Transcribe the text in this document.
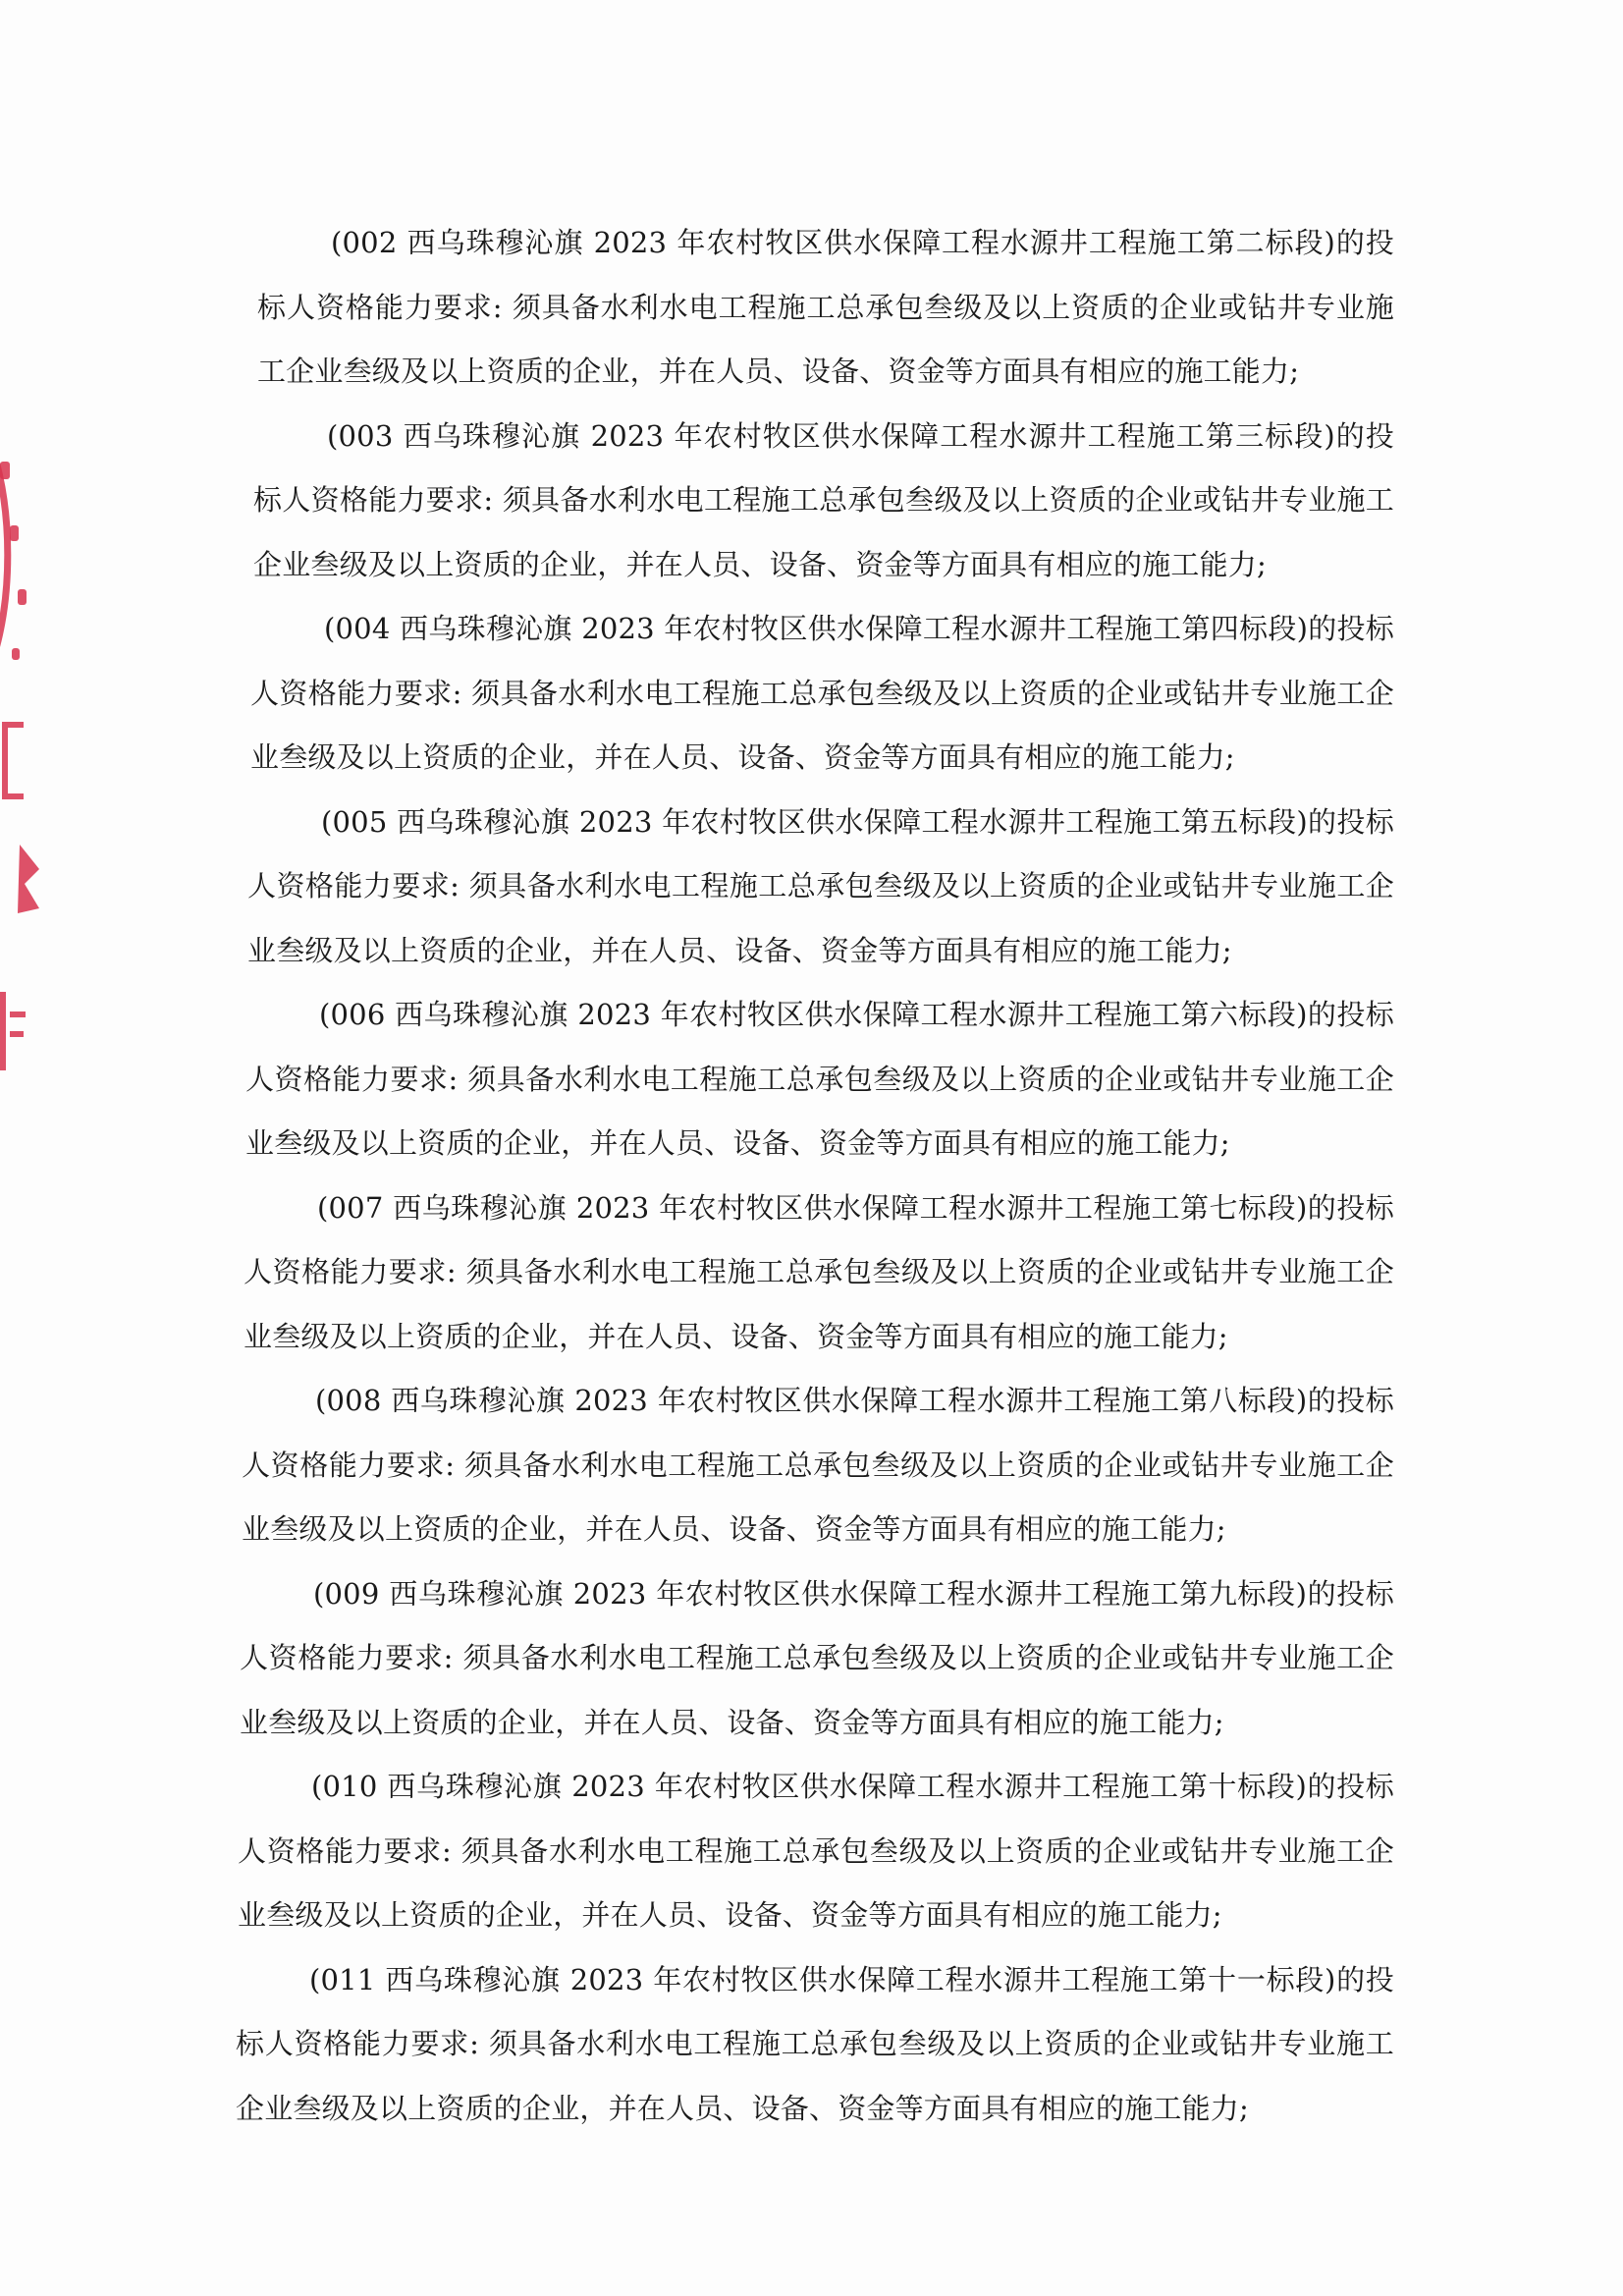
(002 西乌珠穆沁旗 2023 年农村牧区供水保障工程水源井工程施工第二标段)的投标人资格能力要求: 须具备水利水电工程施工总承包叁级及以上资质的企业或钻井专业施工企业叁级及以上资质的企业，并在人员、设备、资金等方面具有相应的施工能力;

(003 西乌珠穆沁旗 2023 年农村牧区供水保障工程水源井工程施工第三标段)的投标人资格能力要求: 须具备水利水电工程施工总承包叁级及以上资质的企业或钻井专业施工企业叁级及以上资质的企业，并在人员、设备、资金等方面具有相应的施工能力;

(004 西乌珠穆沁旗 2023 年农村牧区供水保障工程水源井工程施工第四标段)的投标人资格能力要求: 须具备水利水电工程施工总承包叁级及以上资质的企业或钻井专业施工企业叁级及以上资质的企业，并在人员、设备、资金等方面具有相应的施工能力;

(005 西乌珠穆沁旗 2023 年农村牧区供水保障工程水源井工程施工第五标段)的投标人资格能力要求: 须具备水利水电工程施工总承包叁级及以上资质的企业或钻井专业施工企业叁级及以上资质的企业，并在人员、设备、资金等方面具有相应的施工能力;

(006 西乌珠穆沁旗 2023 年农村牧区供水保障工程水源井工程施工第六标段)的投标人资格能力要求: 须具备水利水电工程施工总承包叁级及以上资质的企业或钻井专业施工企业叁级及以上资质的企业，并在人员、设备、资金等方面具有相应的施工能力;

(007 西乌珠穆沁旗 2023 年农村牧区供水保障工程水源井工程施工第七标段)的投标人资格能力要求: 须具备水利水电工程施工总承包叁级及以上资质的企业或钻井专业施工企业叁级及以上资质的企业，并在人员、设备、资金等方面具有相应的施工能力;

(008 西乌珠穆沁旗 2023 年农村牧区供水保障工程水源井工程施工第八标段)的投标人资格能力要求: 须具备水利水电工程施工总承包叁级及以上资质的企业或钻井专业施工企业叁级及以上资质的企业，并在人员、设备、资金等方面具有相应的施工能力;

(009 西乌珠穆沁旗 2023 年农村牧区供水保障工程水源井工程施工第九标段)的投标人资格能力要求: 须具备水利水电工程施工总承包叁级及以上资质的企业或钻井专业施工企业叁级及以上资质的企业，并在人员、设备、资金等方面具有相应的施工能力;

(010 西乌珠穆沁旗 2023 年农村牧区供水保障工程水源井工程施工第十标段)的投标人资格能力要求: 须具备水利水电工程施工总承包叁级及以上资质的企业或钻井专业施工企业叁级及以上资质的企业，并在人员、设备、资金等方面具有相应的施工能力;

(011 西乌珠穆沁旗 2023 年农村牧区供水保障工程水源井工程施工第十一标段)的投标人资格能力要求: 须具备水利水电工程施工总承包叁级及以上资质的企业或钻井专业施工企业叁级及以上资质的企业，并在人员、设备、资金等方面具有相应的施工能力;
